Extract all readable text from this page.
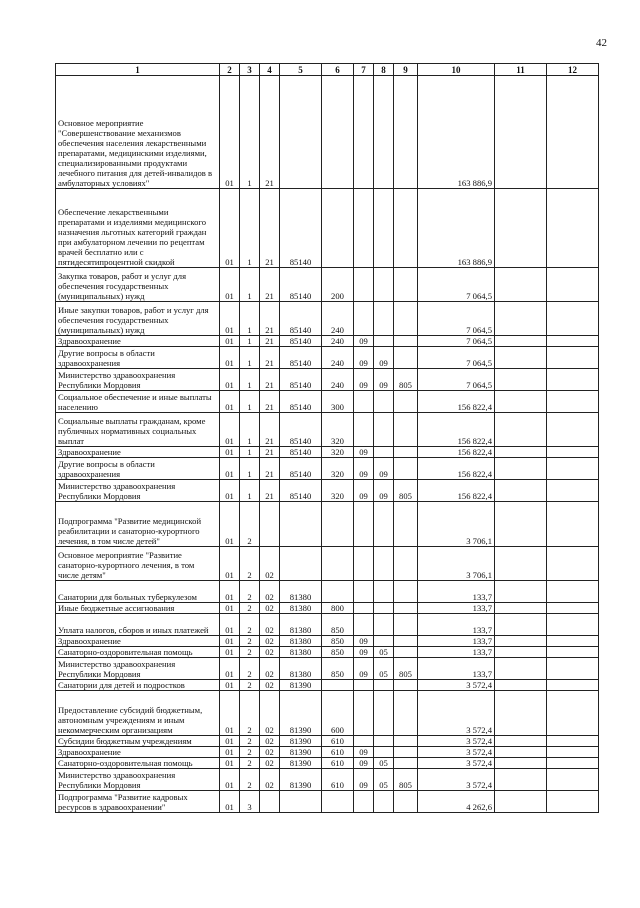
42
1	2	3	4	5	6	7	8	9	10	11	12
Основное мероприятие "Совершенствование механизмов обеспечения населения лекарственными препаратами, медицинскими изделиями, специализированными продуктами лечебного питания для детей-инвалидов в амбулаторных условиях"	01	1	21						163 886,9		
Обеспечение лекарственными препаратами и изделиями медицинского назначения льготных категорий граждан при амбулаторном лечении по рецептам врачей бесплатно или с пятидесятипроцентной скидкой	01	1	21	85140					163 886,9		
Закупка товаров, работ и услуг для обеспечения государственных (муниципальных) нужд	01	1	21	85140	200				7 064,5		
Иные закупки товаров, работ и услуг для обеспечения государственных (муниципальных) нужд	01	1	21	85140	240				7 064,5		
Здравоохранение	01	1	21	85140	240	09			7 064,5		
Другие вопросы в области здравоохранения	01	1	21	85140	240	09	09		7 064,5		
Министерство здравоохранения Республики Мордовия	01	1	21	85140	240	09	09	805	7 064,5		
Социальное обеспечение и иные выплаты населению	01	1	21	85140	300				156 822,4		
Социальные выплаты гражданам, кроме публичных нормативных социальных выплат	01	1	21	85140	320				156 822,4		
Здравоохранение	01	1	21	85140	320	09			156 822,4		
Другие вопросы в области здравоохранения	01	1	21	85140	320	09	09		156 822,4		
Министерство здравоохранения Республики Мордовия	01	1	21	85140	320	09	09	805	156 822,4		
Подпрограмма "Развитие медицинской реабилитации и санаторно-курортного лечения, в том числе детей"	01	2							3 706,1		
Основное мероприятие "Развитие санаторно-курортного лечения, в том числе детям"	01	2	02						3 706,1		
Санатории для больных туберкулезом	01	2	02	81380					133,7		
Иные бюджетные ассигнования	01	2	02	81380	800				133,7		
Уплата налогов, сборов и иных платежей	01	2	02	81380	850				133,7		
Здравоохранение	01	2	02	81380	850	09			133,7		
Санаторно-оздоровительная помощь	01	2	02	81380	850	09	05		133,7		
Министерство здравоохранения Республики Мордовия	01	2	02	81380	850	09	05	805	133,7		
Санатории для детей и подростков	01	2	02	81390					3 572,4		
Предоставление субсидий бюджетным, автономным учреждениям и иным некоммерческим организациям	01	2	02	81390	600				3 572,4		
Субсидии бюджетным учреждениям	01	2	02	81390	610				3 572,4		
Здравоохранение	01	2	02	81390	610	09			3 572,4		
Санаторно-оздоровительная помощь	01	2	02	81390	610	09	05		3 572,4		
Министерство здравоохранения Республики Мордовия	01	2	02	81390	610	09	05	805	3 572,4		
Подпрограмма "Развитие кадровых ресурсов в здравоохранении"	01	3							4 262,6		
